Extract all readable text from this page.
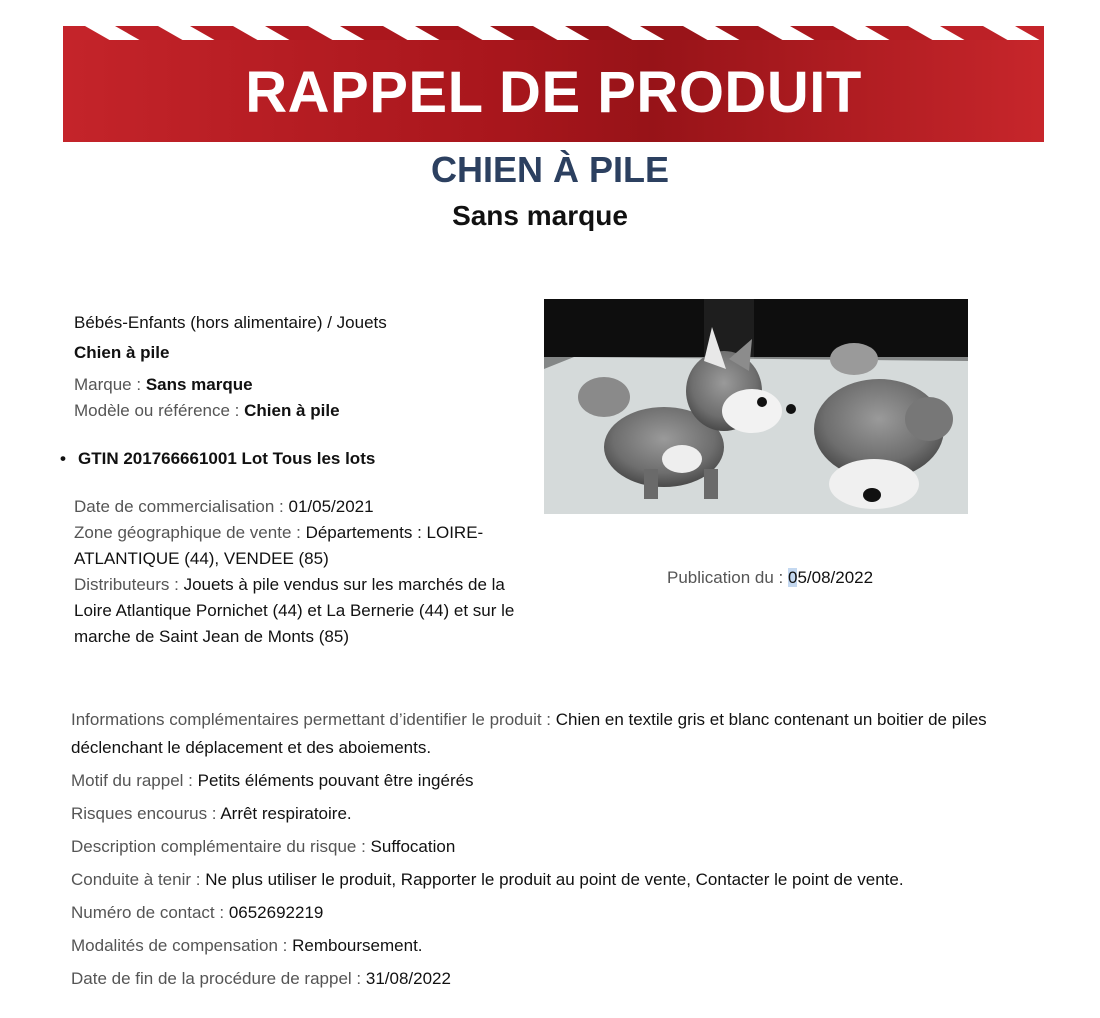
RAPPEL DE PRODUIT
CHIEN À PILE
Sans marque
Bébés-Enfants (hors alimentaire) / Jouets
Chien à pile
Marque : Sans marque
Modèle ou référence : Chien à pile
• GTIN 201766661001 Lot Tous les lots
Date de commercialisation : 01/05/2021
Zone géographique de vente : Départements : LOIRE-ATLANTIQUE (44), VENDEE (85)
Distributeurs : Jouets à pile vendus sur les marchés de la Loire Atlantique Pornichet (44) et La Bernerie (44) et sur le marche de Saint Jean de Monts (85)
Publication du : 05/08/2022
Informations complémentaires permettant d’identifier le produit : Chien en textile gris et blanc contenant un boitier de piles déclenchant le déplacement et des aboiements.
Motif du rappel : Petits éléments pouvant être ingérés
Risques encourus : Arrêt respiratoire.
Description complémentaire du risque : Suffocation
Conduite à tenir : Ne plus utiliser le produit, Rapporter le produit au point de vente, Contacter le point de vente.
Numéro de contact : 0652692219
Modalités de compensation : Remboursement.
Date de fin de la procédure de rappel : 31/08/2022
